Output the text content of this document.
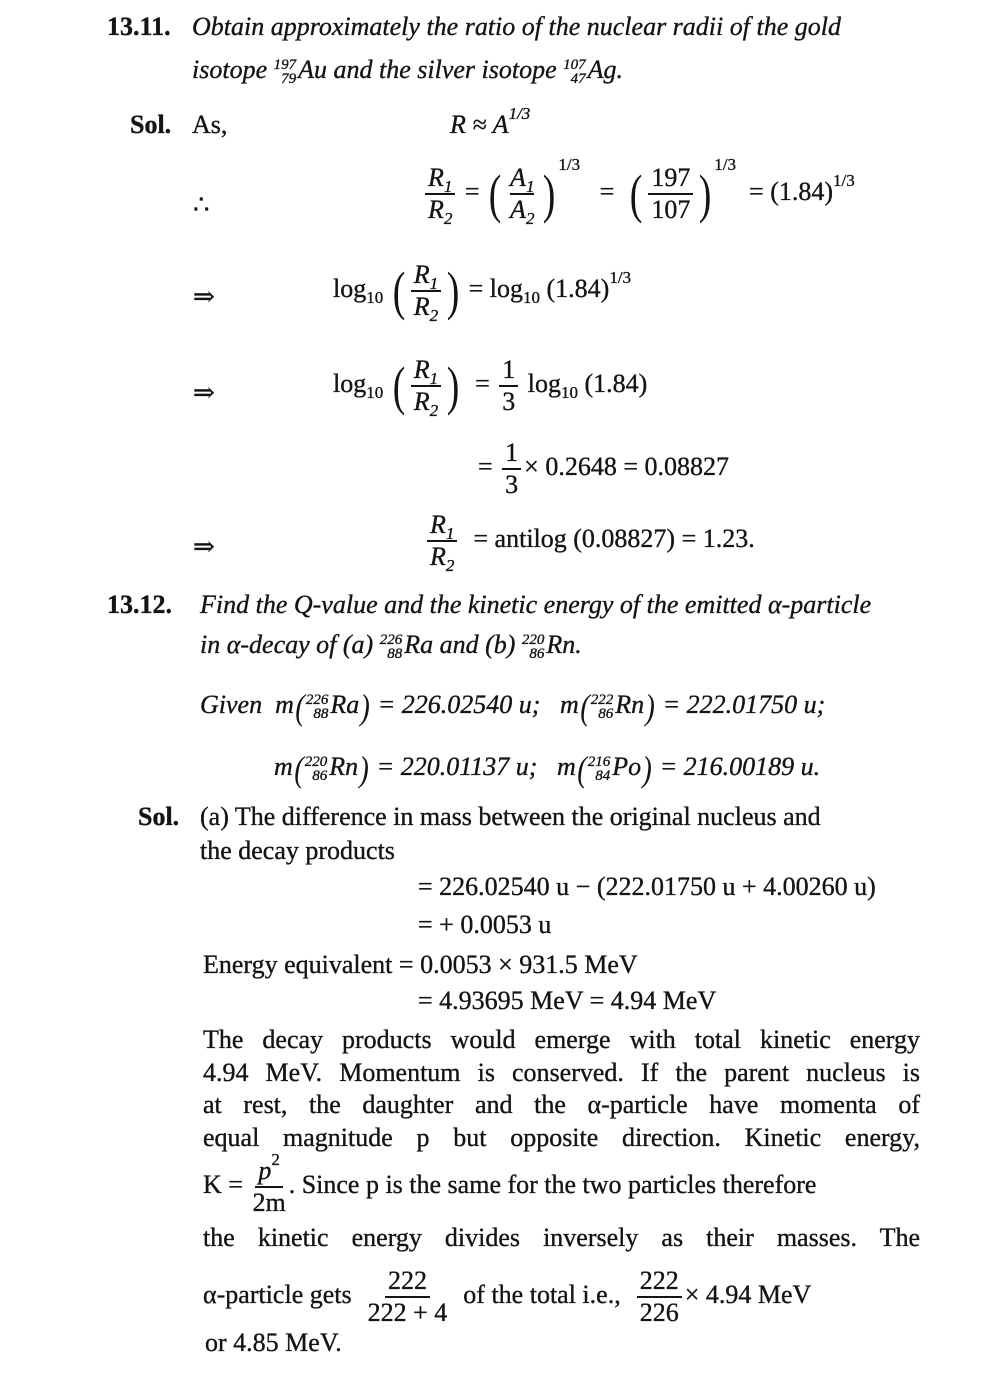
13.11. Obtain approximately the ratio of the nuclear radii of the gold
isotope 197
79 Au and the silver isotope 107
47 Ag.
Sol. As,	$R \approx A^{1/3}$
∴	$\frac{R_1}{R_2}$ = ( $\frac{A_1}{A_2}$ ) $^{1/3}$   = ( $\frac{197}{107}$ ) $^{1/3} = (1.84)^{1/3}$
⇒	$\log_{10}$ ( $\frac{R_1}{R_2}$ ) = $\log_{10} (1.84)^{1/3}$
⇒	$\log_{10}$ ( $\frac{R_1}{R_2}$ ) = $\frac{1}{3} \log_{10} (1.84)$
= $\frac{1}{3} \times 0.2648 = 0.08827$
⇒	$\frac{R_1}{R_2}$ = antilog (0.08827) = 1.23.
13.12. Find the Q-value and the kinetic energy of the emitted α-particle
in α-decay of (a) 226
88 Ra and (b) 220
86 Rn.
Given m( 226
88 Ra) = 226.02540 u; m( 222
86 Rn) = 222.01750 u;
m( 220
86 Rn) = 220.01137 u; m( 216
84 Po) = 216.00189 u.
Sol. (a) The difference in mass between the original nucleus and
the decay products
= 226.02540 u − (222.01750 u + 4.00260 u)
= + 0.0053 u
Energy equivalent = 0.0053 × 931.5 MeV
= 4.93695 MeV = 4.94 MeV
The decay products would emerge with total kinetic energy
4.94 MeV. Momentum is conserved. If the parent nucleus is
at rest, the daughter and the α-particle have momenta of
equal magnitude p but opposite direction. Kinetic energy,
$K = \frac{p^2}{2m}$ . Since p is the same for the two particles therefore
the kinetic energy divides inversely as their masses. The
α-particle gets $\frac{222}{222 + 4}$ of the total i.e., $\frac{222}{226} \times 4.94$ MeV
or 4.85 MeV.
